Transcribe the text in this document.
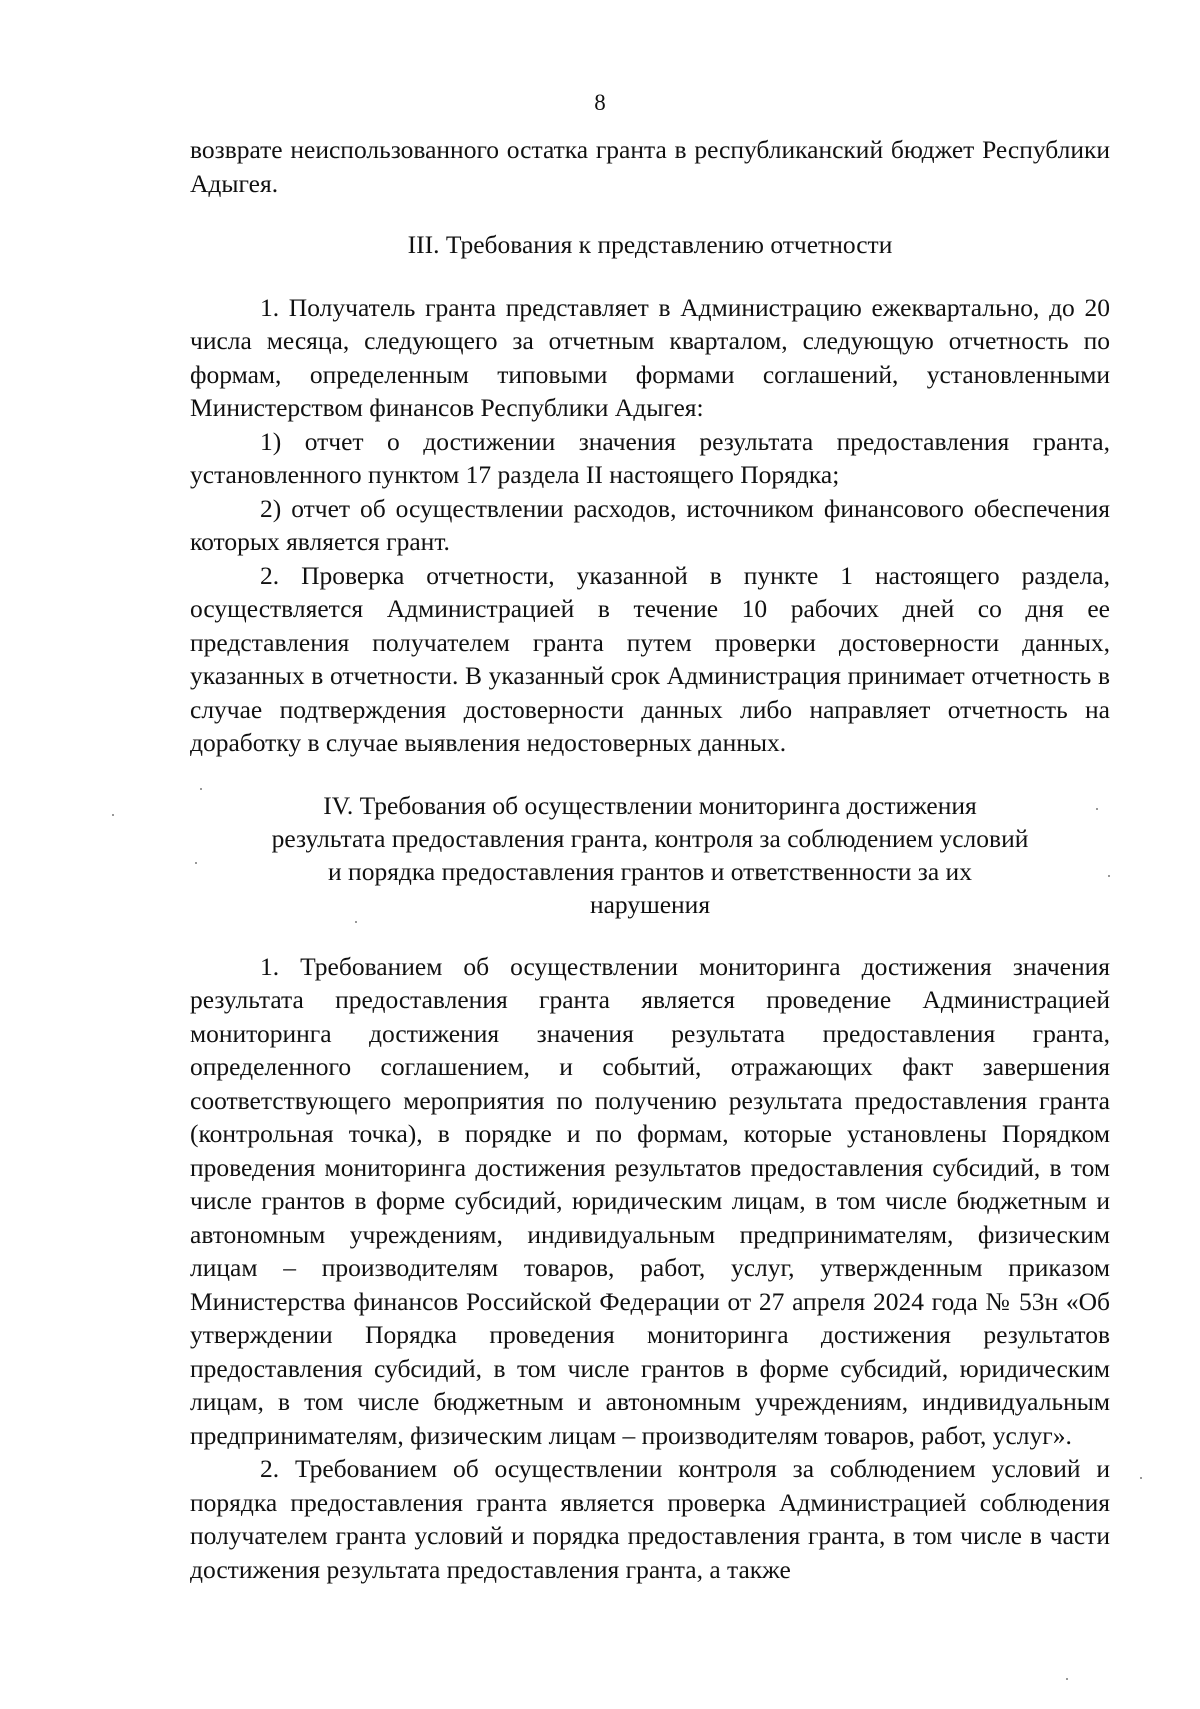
8

возврате неиспользованного остатка гранта в республиканский бюджет Республики Адыгея.

III. Требования к представлению отчетности

1. Получатель гранта представляет в Администрацию ежеквартально, до 20 числа месяца, следующего за отчетным кварталом, следующую отчетность по формам, определенным типовыми формами соглашений, установленными Министерством финансов Республики Адыгея:

1) отчет о достижении значения результата предоставления гранта, установленного пунктом 17 раздела II настоящего Порядка;

2) отчет об осуществлении расходов, источником финансового обеспечения которых является грант.

2. Проверка отчетности, указанной в пункте 1 настоящего раздела, осуществляется Администрацией в течение 10 рабочих дней со дня ее представления получателем гранта путем проверки достоверности данных, указанных в отчетности. В указанный срок Администрация принимает отчетность в случае подтверждения достоверности данных либо направляет отчетность на доработку в случае выявления недостоверных данных.

IV. Требования об осуществлении мониторинга достижения результата предоставления гранта, контроля за соблюдением условий и порядка предоставления грантов и ответственности за их нарушения

1. Требованием об осуществлении мониторинга достижения значения результата предоставления гранта является проведение Администрацией мониторинга достижения значения результата предоставления гранта, определенного соглашением, и событий, отражающих факт завершения соответствующего мероприятия по получению результата предоставления гранта (контрольная точка), в порядке и по формам, которые установлены Порядком проведения мониторинга достижения результатов предоставления субсидий, в том числе грантов в форме субсидий, юридическим лицам, в том числе бюджетным и автономным учреждениям, индивидуальным предпринимателям, физическим лицам – производителям товаров, работ, услуг, утвержденным приказом Министерства финансов Российской Федерации от 27 апреля 2024 года № 53н «Об утверждении Порядка проведения мониторинга достижения результатов предоставления субсидий, в том числе грантов в форме субсидий, юридическим лицам, в том числе бюджетным и автономным учреждениям, индивидуальным предпринимателям, физическим лицам – производителям товаров, работ, услуг».

2. Требованием об осуществлении контроля за соблюдением условий и порядка предоставления гранта является проверка Администрацией соблюдения получателем гранта условий и порядка предоставления гранта, в том числе в части достижения результата предоставления гранта, а также
